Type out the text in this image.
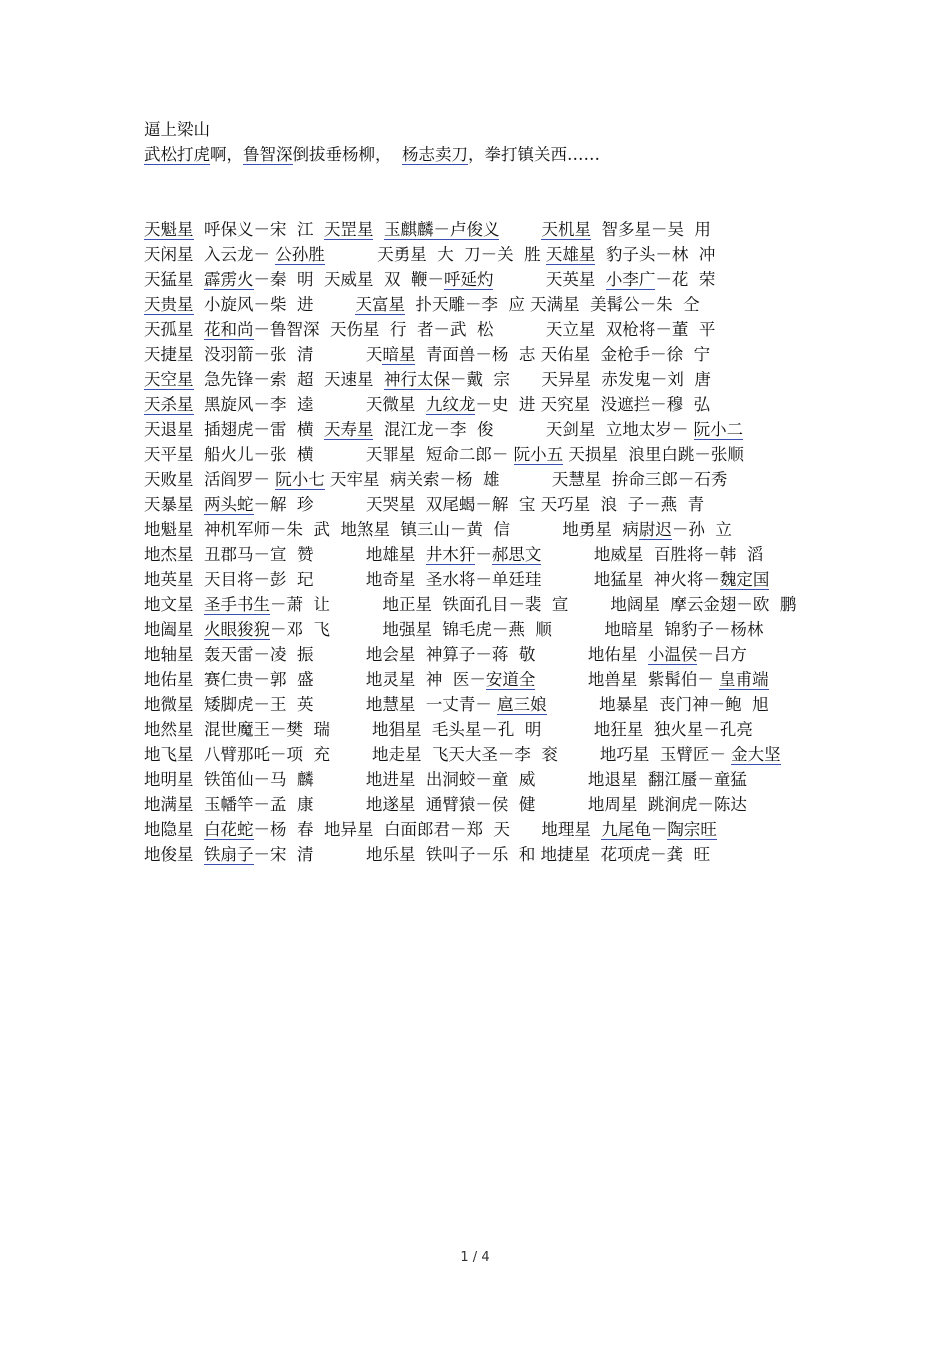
逼上梁山
武松打虎啊，鲁智深倒拔垂杨柳，  杨志卖刀，拳打镇关西……
天魁星  呼保义－宋  江  天罡星 玉麒麟－卢俊义	天机星  智多星－吴  用
天闲星  入云龙－ 公孙胜          天勇星  大  刀－关  胜 天雄星  豹子头－林  冲
天猛星  霹雳火－秦  明  天威星  双  鞭－呼延灼          天英星  小李广－花  荣
天贵星  小旋风－柴  进        天富星  扑天雕－李  应 天满星  美髯公－朱  仝
天孤星  花和尚－鲁智深  天伤星  行  者－武  松          天立星  双枪将－董  平
天捷星  没羽箭－张  清          天暗星  青面兽－杨  志 天佑星  金枪手－徐  宁
天空星  急先锋－索  超  天速星  神行太保－戴  宗      天异星  赤发鬼－刘  唐
天杀星  黑旋风－李  逵          天微星  九纹龙－史  进 天究星  没遮拦－穆  弘
天退星  插翅虎－雷  横  天寿星  混江龙－李  俊          天剑星  立地太岁－ 阮小二
天平星  船火儿－张  横          天罪星  短命二郎－ 阮小五 天损星  浪里白跳－张顺
天败星  活阎罗－ 阮小七 天牢星  病关索－杨  雄          天慧星  拚命三郎－石秀
天暴星  两头蛇－解  珍          天哭星  双尾蝎－解  宝 天巧星  浪  子－燕  青
地魁星  神机军师－朱  武  地煞星  镇三山－黄  信          地勇星  病尉迟－孙  立
地杰星  丑郡马－宣  赞          地雄星  井木犴－郝思文          地威星  百胜将－韩  滔
地英星  天目将－彭  玘          地奇星  圣水将－单廷珪          地猛星  神火将－魏定国
地文星  圣手书生－萧  让          地正星  铁面孔目－裴  宣        地阔星  摩云金翅－欧  鹏
地阖星  火眼狻猊－邓  飞          地强星  锦毛虎－燕  顺          地暗星  锦豹子－杨林
地轴星  轰天雷－凌  振          地会星  神算子－蒋  敬          地佑星  小温侯－吕方
地佑星  赛仁贵－郭  盛          地灵星  神  医－安道全          地兽星  紫髯伯－ 皇甫端
地微星  矮脚虎－王  英          地慧星  一丈青－ 扈三娘          地暴星  丧门神－鲍  旭
地然星  混世魔王－樊  瑞        地猖星  毛头星－孔  明          地狂星  独火星－孔亮
地飞星  八臂那吒－项  充        地走星  飞天大圣－李  衮        地巧星  玉臂匠－ 金大坚
地明星  铁笛仙－马  麟          地进星  出洞蛟－童  威          地退星  翻江蜃－童猛
地满星  玉幡竿－孟  康          地遂星  通臂猿－侯  健          地周星  跳涧虎－陈达
地隐星  白花蛇－杨  春  地异星  白面郎君－郑  天      地理星  九尾龟－陶宗旺
地俊星  铁扇子－宋  清          地乐星  铁叫子－乐  和 地捷星  花项虎－龚  旺
1 / 4
